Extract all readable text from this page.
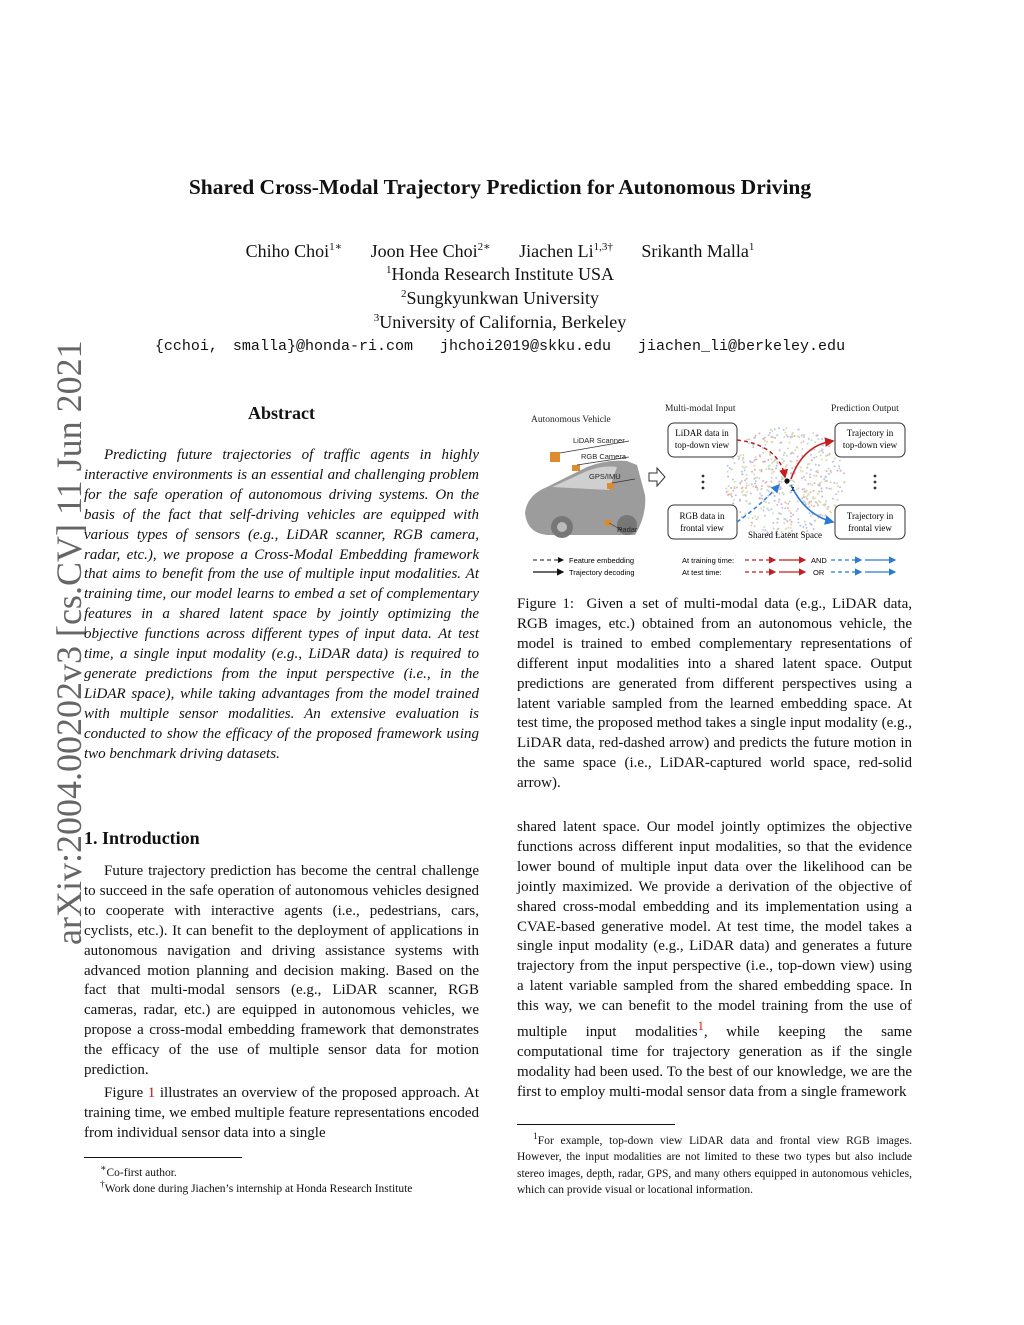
arXiv:2004.00202v3 [cs.CV] 11 Jun 2021
Shared Cross-Modal Trajectory Prediction for Autonomous Driving
Chiho Choi$^{1∗}$ Joon Hee Choi$^{2∗}$ Jiachen $Li^{1,3\dagger}$ Srikanth Malla$^1$
$^1$Honda Research Institute USA
$^2$Sungkyunkwan University
$^3$University of California, Berkeley
{cchoi, smalla}@honda-ri.com jhchoi2019@skku.edu jiachen_li@berkeley.edu
Abstract
Predicting future trajectories of traffic agents in highly interactive environments is an essential and challenging problem for the safe operation of autonomous driving systems. On the basis of the fact that self-driving vehicles are equipped with various types of sensors (e.g., LiDAR scanner, RGB camera, radar, etc.), we propose a Cross-Modal Embedding framework that aims to benefit from the use of multiple input modalities. At training time, our model learns to embed a set of complementary features in a shared latent space by jointly optimizing the objective functions across different types of input data. At test time, a single input modality (e.g., LiDAR data) is required to generate predictions from the input perspective (i.e., in the LiDAR space), while taking advantages from the model trained with multiple sensor modalities. An extensive evaluation is conducted to show the efficacy of the proposed framework using two benchmark driving datasets.
1. Introduction

Future trajectory prediction has become the central challenge to succeed in the safe operation of autonomous vehicles designed to cooperate with interactive agents (i.e., pedestrians, cars, cyclists, etc.). It can benefit to the deployment of applications in autonomous navigation and driving assistance systems with advanced motion planning and decision making. Based on the fact that multi-modal sensors (e.g., LiDAR scanner, RGB cameras, radar, etc.) are equipped in autonomous vehicles, we propose a cross-modal embedding framework that demonstrates the efficacy of the use of multiple sensor data for motion prediction.

Figure 1 illustrates an overview of the proposed approach. At training time, we embed multiple feature representations encoded from individual sensor data into a single

∗Co-first author.
†Work done during Jiachen’s internship at Honda Research Institute
Autonomous Vehicle
LiDAR Scanner
RGB Camera
GPS/IMU
Radar
Multi-modal Input	Prediction Output
LiDAR data in
top-down view
RGB data in
frontal view
Trajectory in
top-down view
Trajectory in
frontal view
z
Shared Latent Space
Feature embedding
Trajectory decoding
At training time:
At test time:
AND
OR
Figure 1: Given a set of multi-modal data (e.g., LiDAR data, RGB images, etc.) obtained from an autonomous vehicle, the model is trained to embed complementary representations of different input modalities into a shared latent space. Output predictions are generated from different perspectives using a latent variable sampled from the learned embedding space. At test time, the proposed method takes a single input modality (e.g., LiDAR data, red-dashed arrow) and predicts the future motion in the same space (i.e., LiDAR-captured world space, red-solid arrow).
shared latent space. Our model jointly optimizes the objective functions across different input modalities, so that the evidence lower bound of multiple input data over the likelihood can be jointly maximized. We provide a derivation of the objective of shared cross-modal embedding and its implementation using a CVAE-based generative model. At test time, the model takes a single input modality (e.g., LiDAR data) and generates a future trajectory from the input perspective (i.e., top-down view) using a latent variable sampled from the shared embedding space. In this way, we can benefit to the model training from the use of multiple input modalities$^1$, while keeping the same computational time for trajectory generation as if the single modality had been used. To the best of our knowledge, we are the first to employ multi-modal sensor data from a single framework
$^1$For example, top-down view LiDAR data and frontal view RGB images. However, the input modalities are not limited to these two types but also include stereo images, depth, radar, GPS, and many others equipped in autonomous vehicles, which can provide visual or locational information.
